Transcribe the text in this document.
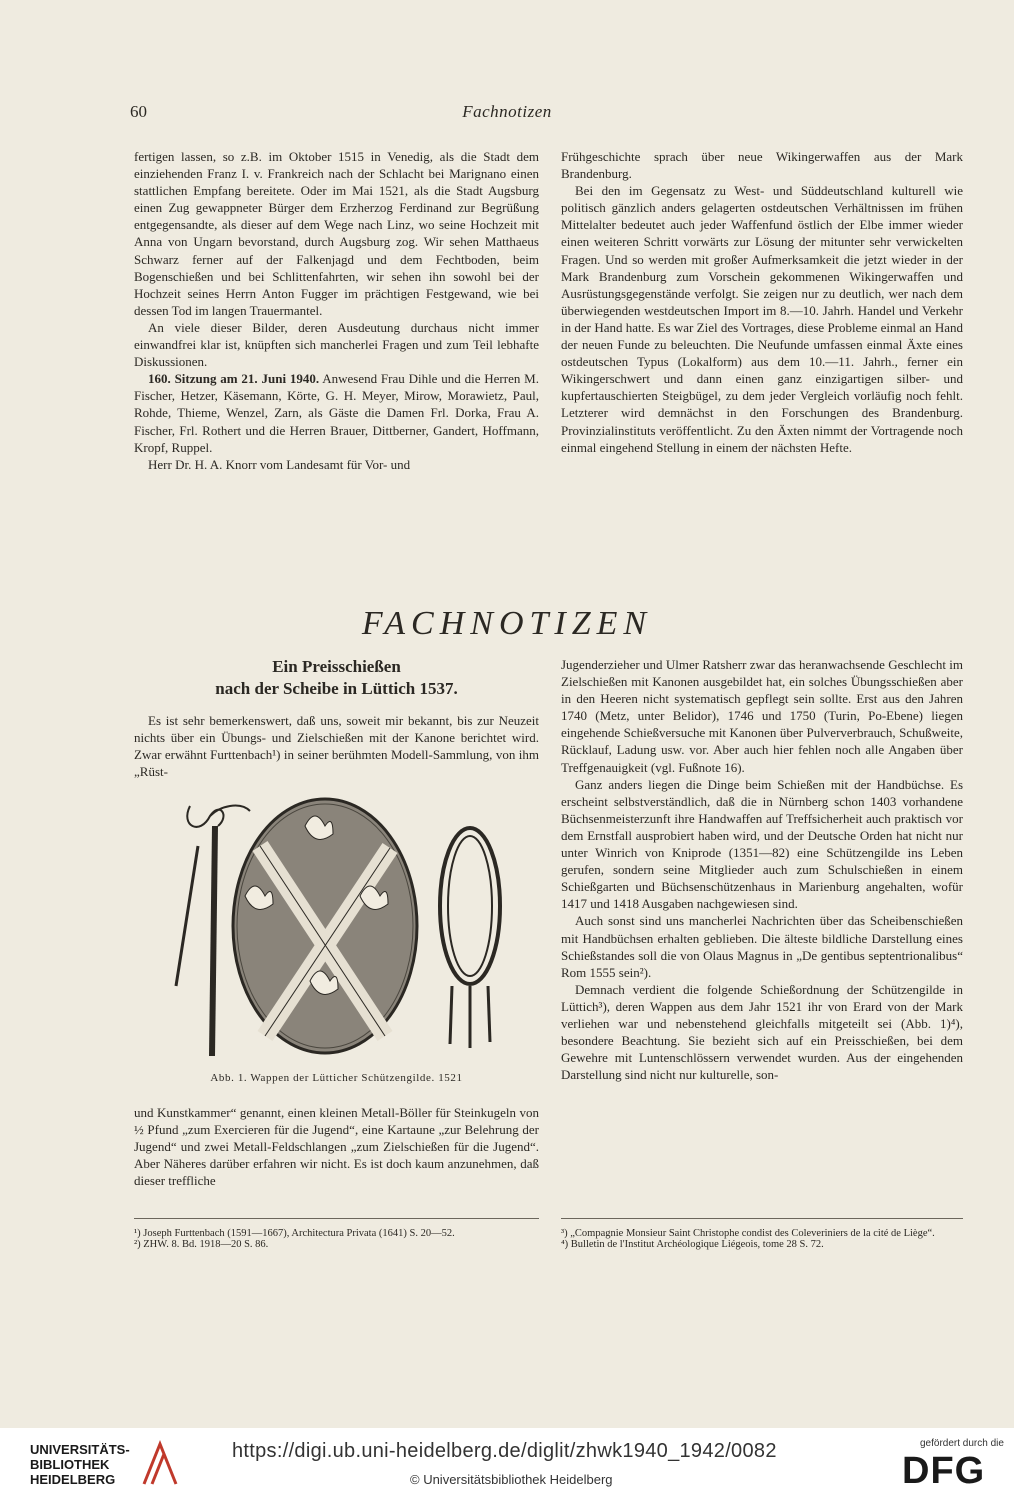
60	Fachnotizen

fertigen lassen, so z.B. im Oktober 1515 in Venedig, als die Stadt dem einziehenden Franz I. v. Frankreich nach der Schlacht bei Marignano einen stattlichen Empfang bereitete. Oder im Mai 1521, als die Stadt Augsburg einen Zug gewappneter Bürger dem Erzherzog Ferdinand zur Begrüßung entgegensandte, als dieser auf dem Wege nach Linz, wo seine Hochzeit mit Anna von Ungarn bevorstand, durch Augsburg zog. Wir sehen Matthaeus Schwarz ferner auf der Falkenjagd und dem Fechtboden, beim Bogenschießen und bei Schlittenfahrten, wir sehen ihn sowohl bei der Hochzeit seines Herrn Anton Fugger im prächtigen Festgewand, wie bei dessen Tod im langen Trauermantel.

An viele dieser Bilder, deren Ausdeutung durchaus nicht immer einwandfrei klar ist, knüpften sich mancherlei Fragen und zum Teil lebhafte Diskussionen.

160. Sitzung am 21. Juni 1940. Anwesend Frau Dihle und die Herren M. Fischer, Hetzer, Käsemann, Körte, G. H. Meyer, Mirow, Morawietz, Paul, Rohde, Thieme, Wenzel, Zarn, als Gäste die Damen Frl. Dorka, Frau A. Fischer, Frl. Rothert und die Herren Brauer, Dittberner, Gandert, Hoffmann, Kropf, Ruppel.

Herr Dr. H. A. Knorr vom Landesamt für Vor- und

Frühgeschichte sprach über neue Wikingerwaffen aus der Mark Brandenburg.

Bei den im Gegensatz zu West- und Süddeutschland kulturell wie politisch gänzlich anders gelagerten ostdeutschen Verhältnissen im frühen Mittelalter bedeutet auch jeder Waffenfund östlich der Elbe immer wieder einen weiteren Schritt vorwärts zur Lösung der mitunter sehr verwickelten Fragen. Und so werden mit großer Aufmerksamkeit die jetzt wieder in der Mark Brandenburg zum Vorschein gekommenen Wikingerwaffen und Ausrüstungsgegenstände verfolgt. Sie zeigen nur zu deutlich, wer nach dem überwiegenden westdeutschen Import im 8.—10. Jahrh. Handel und Verkehr in der Hand hatte. Es war Ziel des Vortrages, diese Probleme einmal an Hand der neuen Funde zu beleuchten. Die Neufunde umfassen einmal Äxte eines ostdeutschen Typus (Lokalform) aus dem 10.—11. Jahrh., ferner ein Wikingerschwert und dann einen ganz einzigartigen silber- und kupfertauschierten Steigbügel, zu dem jeder Vergleich vorläufig noch fehlt. Letzterer wird demnächst in den Forschungen des Brandenburg. Provinzialinstituts veröffentlicht. Zu den Äxten nimmt der Vortragende noch einmal eingehend Stellung in einem der nächsten Hefte.

FACHNOTIZEN
Ein Preisschießen
nach der Scheibe in Lüttich 1537.

Es ist sehr bemerkenswert, daß uns, soweit mir bekannt, bis zur Neuzeit nichts über ein Übungs- und Zielschießen mit der Kanone berichtet wird. Zwar erwähnt Furttenbach¹) in seiner berühmten Modell-Sammlung, von ihm „Rüst-

Abb. 1. Wappen der Lütticher Schützengilde. 1521

und Kunstkammer“ genannt, einen kleinen Metall-Böller für Steinkugeln von ½ Pfund „zum Exercieren für die Jugend“, eine Kartaune „zur Belehrung der Jugend“ und zwei Metall-Feldschlangen „zum Zielschießen für die Jugend“. Aber Näheres darüber erfahren wir nicht. Es ist doch kaum anzunehmen, daß dieser treffliche

Jugenderzieher und Ulmer Ratsherr zwar das heranwachsende Geschlecht im Zielschießen mit Kanonen ausgebildet hat, ein solches Übungsschießen aber in den Heeren nicht systematisch gepflegt sein sollte. Erst aus den Jahren 1740 (Metz, unter Belidor), 1746 und 1750 (Turin, Po-Ebene) liegen eingehende Schießversuche mit Kanonen über Pulververbrauch, Schußweite, Rücklauf, Ladung usw. vor. Aber auch hier fehlen noch alle Angaben über Treffgenauigkeit (vgl. Fußnote 16).

Ganz anders liegen die Dinge beim Schießen mit der Handbüchse. Es erscheint selbstverständlich, daß die in Nürnberg schon 1403 vorhandene Büchsenmeisterzunft ihre Handwaffen auf Treffsicherheit auch praktisch vor dem Ernstfall ausprobiert haben wird, und der Deutsche Orden hat nicht nur unter Winrich von Kniprode (1351—82) eine Schützengilde ins Leben gerufen, sondern seine Mitglieder auch zum Schulschießen in einem Schießgarten und Büchsenschützenhaus in Marienburg angehalten, wofür 1417 und 1418 Ausgaben nachgewiesen sind.

Auch sonst sind uns mancherlei Nachrichten über das Scheibenschießen mit Handbüchsen erhalten geblieben. Die älteste bildliche Darstellung eines Schießstandes soll die von Olaus Magnus in „De gentibus septentrionalibus“ Rom 1555 sein²).

Demnach verdient die folgende Schießordnung der Schützengilde in Lüttich³), deren Wappen aus dem Jahr 1521 ihr von Erard von der Mark verliehen war und nebenstehend gleichfalls mitgeteilt sei (Abb. 1)⁴), besondere Beachtung. Sie bezieht sich auf ein Preisschießen, bei dem Gewehre mit Luntenschlössern verwendet wurden. Aus der eingehenden Darstellung sind nicht nur kulturelle, son-

¹) Joseph Furttenbach (1591—1667), Architectura Privata (1641) S. 20—52.
²) ZHW. 8. Bd. 1918—20 S. 86.
³) „Compagnie Monsieur Saint Christophe condist des Coleveriniers de la cité de Liège“.
⁴) Bulletin de l'Institut Archéologique Liégeois, tome 28 S. 72.
UNIVERSITÄTS-
BIBLIOTHEK
HEIDELBERG
https://digi.ub.uni-heidelberg.de/diglit/zhwk1940_1942/0082
© Universitätsbibliothek Heidelberg
gefördert durch die
DFG
